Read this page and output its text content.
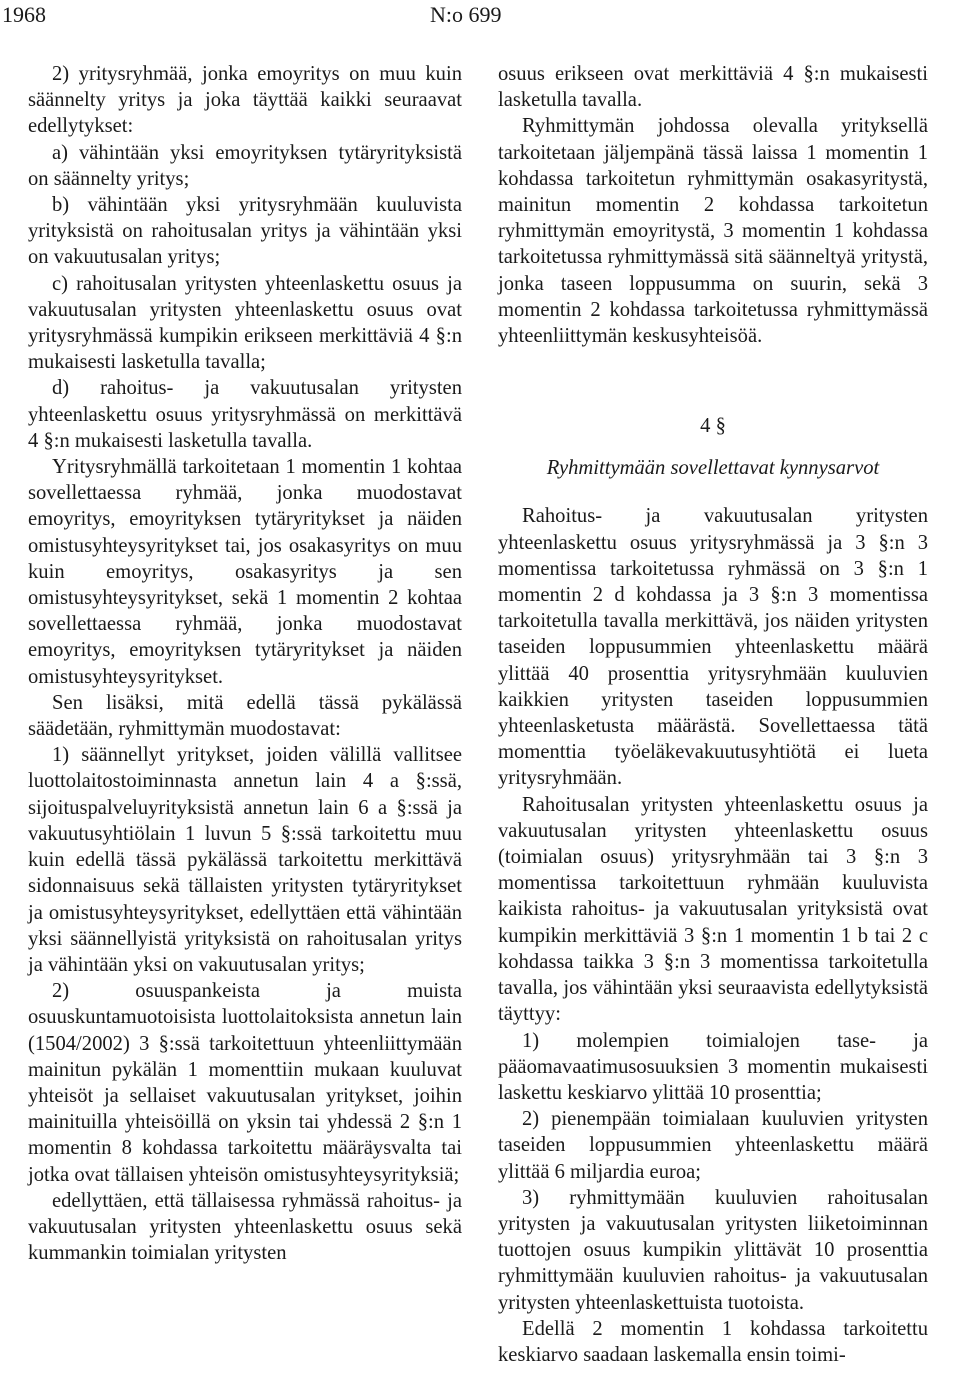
1968	N:o 699

2) yritysryhmää, jonka emoyritys on muu kuin säännelty yritys ja joka täyttää kaikki seuraavat edellytykset:

a) vähintään yksi emoyrityksen tytäryrityksistä on säännelty yritys;

b) vähintään yksi yritysryhmään kuuluvista yrityksistä on rahoitusalan yritys ja vähintään yksi on vakuutusalan yritys;

c) rahoitusalan yritysten yhteenlaskettu osuus ja vakuutusalan yritysten yhteenlaskettu osuus ovat yritysryhmässä kumpikin erikseen merkittäviä 4 §:n mukaisesti lasketulla tavalla;

d) rahoitus- ja vakuutusalan yritysten yhteenlaskettu osuus yritysryhmässä on merkittävä 4 §:n mukaisesti lasketulla tavalla.

Yritysryhmällä tarkoitetaan 1 momentin 1 kohtaa sovellettaessa ryhmää, jonka muodostavat emoyritys, emoyrityksen tytäryritykset ja näiden omistusyhteysyritykset tai, jos osakasyritys on muu kuin emoyritys, osakasyritys ja sen omistusyhteysyritykset, sekä 1 momentin 2 kohtaa sovellettaessa ryhmää, jonka muodostavat emoyritys, emoyrityksen tytäryritykset ja näiden omistusyhteysyritykset.

Sen lisäksi, mitä edellä tässä pykälässä säädetään, ryhmittymän muodostavat:

1) säännellyt yritykset, joiden välillä vallitsee luottolaitostoiminnasta annetun lain 4 a §:ssä, sijoituspalveluyrityksistä annetun lain 6 a §:ssä ja vakuutusyhtiölain 1 luvun 5 §:ssä tarkoitettu muu kuin edellä tässä pykälässä tarkoitettu merkittävä sidonnaisuus sekä tällaisten yritysten tytäryritykset ja omistusyhteysyritykset, edellyttäen että vähintään yksi säännellyistä yrityksistä on rahoitusalan yritys ja vähintään yksi on vakuutusalan yritys;

2) osuuspankeista ja muista osuuskuntamuotoisista luottolaitoksista annetun lain (1504/2002) 3 §:ssä tarkoitettuun yhteenliittymään mainitun pykälän 1 momenttiin mukaan kuuluvat yhteisöt ja sellaiset vakuutusalan yritykset, joihin mainituilla yhteisöillä on yksin tai yhdessä 2 §:n 1 momentin 8 kohdassa tarkoitettu määräysvalta tai jotka ovat tällaisen yhteisön omistusyhteysyrityksiä;

edellyttäen, että tällaisessa ryhmässä rahoitus- ja vakuutusalan yritysten yhteenlaskettu osuus sekä kummankin toimialan yritysten

osuus erikseen ovat merkittäviä 4 §:n mukaisesti lasketulla tavalla.

Ryhmittymän johdossa olevalla yrityksellä tarkoitetaan jäljempänä tässä laissa 1 momentin 1 kohdassa tarkoitetun ryhmittymän osakasyritystä, mainitun momentin 2 kohdassa tarkoitetun ryhmittymän emoyritystä, 3 momentin 1 kohdassa tarkoitetussa ryhmittymässä sitä säänneltyä yritystä, jonka taseen loppusumma on suurin, sekä 3 momentin 2 kohdassa tarkoitetussa ryhmittymässä yhteenliittymän keskusyhteisöä.

4 §
Ryhmittymään sovellettavat kynnysarvot

Rahoitus- ja vakuutusalan yritysten yhteenlaskettu osuus yritysryhmässä ja 3 §:n 3 momentissa tarkoitetussa ryhmässä on 3 §:n 1 momentin 2 d kohdassa ja 3 §:n 3 momentissa tarkoitetulla tavalla merkittävä, jos näiden yritysten taseiden loppusummien yhteenlaskettu määrä ylittää 40 prosenttia yritysryhmään kuuluvien kaikkien yritysten taseiden loppusummien yhteenlasketusta määrästä. Sovellettaessa tätä momenttia työeläkevakuutusyhtiötä ei lueta yritysryhmään.

Rahoitusalan yritysten yhteenlaskettu osuus ja vakuutusalan yritysten yhteenlaskettu osuus (toimialan osuus) yritysryhmään tai 3 §:n 3 momentissa tarkoitettuun ryhmään kuuluvista kaikista rahoitus- ja vakuutusalan yrityksistä ovat kumpikin merkittäviä 3 §:n 1 momentin 1 b tai 2 c kohdassa taikka 3 §:n 3 momentissa tarkoitetulla tavalla, jos vähintään yksi seuraavista edellytyksistä täyttyy:

1) molempien toimialojen tase- ja pääomavaatimusosuuksien 3 momentin mukaisesti laskettu keskiarvo ylittää 10 prosenttia;

2) pienempään toimialaan kuuluvien yritysten taseiden loppusummien yhteenlaskettu määrä ylittää 6 miljardia euroa;

3) ryhmittymään kuuluvien rahoitusalan yritysten ja vakuutusalan yritysten liiketoiminnan tuottojen osuus kumpikin ylittävät 10 prosenttia ryhmittymään kuuluvien rahoitus- ja vakuutusalan yritysten yhteenlaskettuista tuotoista.

Edellä 2 momentin 1 kohdassa tarkoitettu keskiarvo saadaan laskemalla ensin toimi-
